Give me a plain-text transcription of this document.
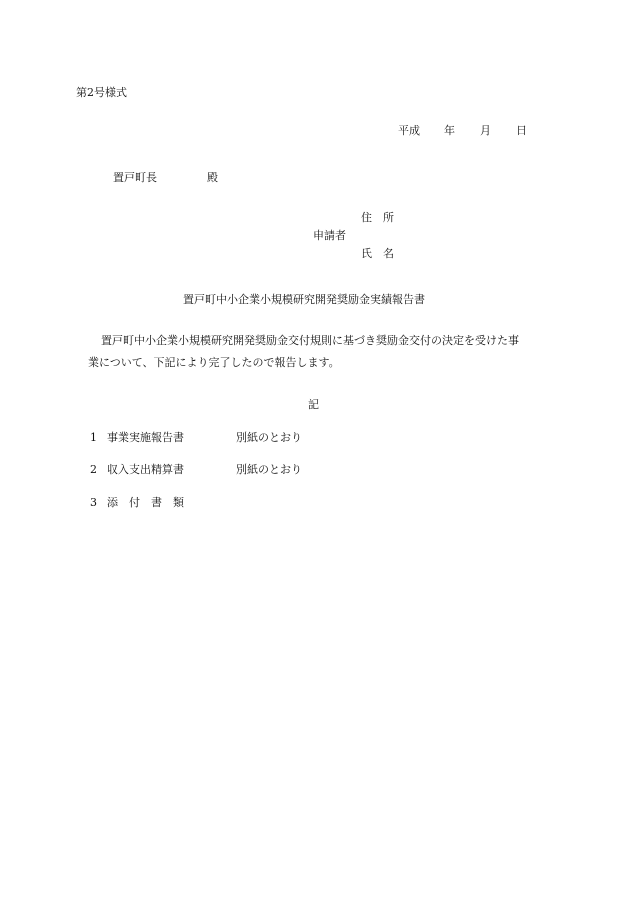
第2号様式
平成 年 月 日
置戸町長	殿
住　所
申請者
氏　名
置戸町中小企業小規模研究開発奨励金実績報告書
置戸町中小企業小規模研究開発奨励金交付規則に基づき奨励金交付の決定を受けた事
業について、下記により完了したので報告します。
記
1 事業実施報告書	別紙のとおり
2 収入支出精算書	別紙のとおり
3 添　付　書　類
